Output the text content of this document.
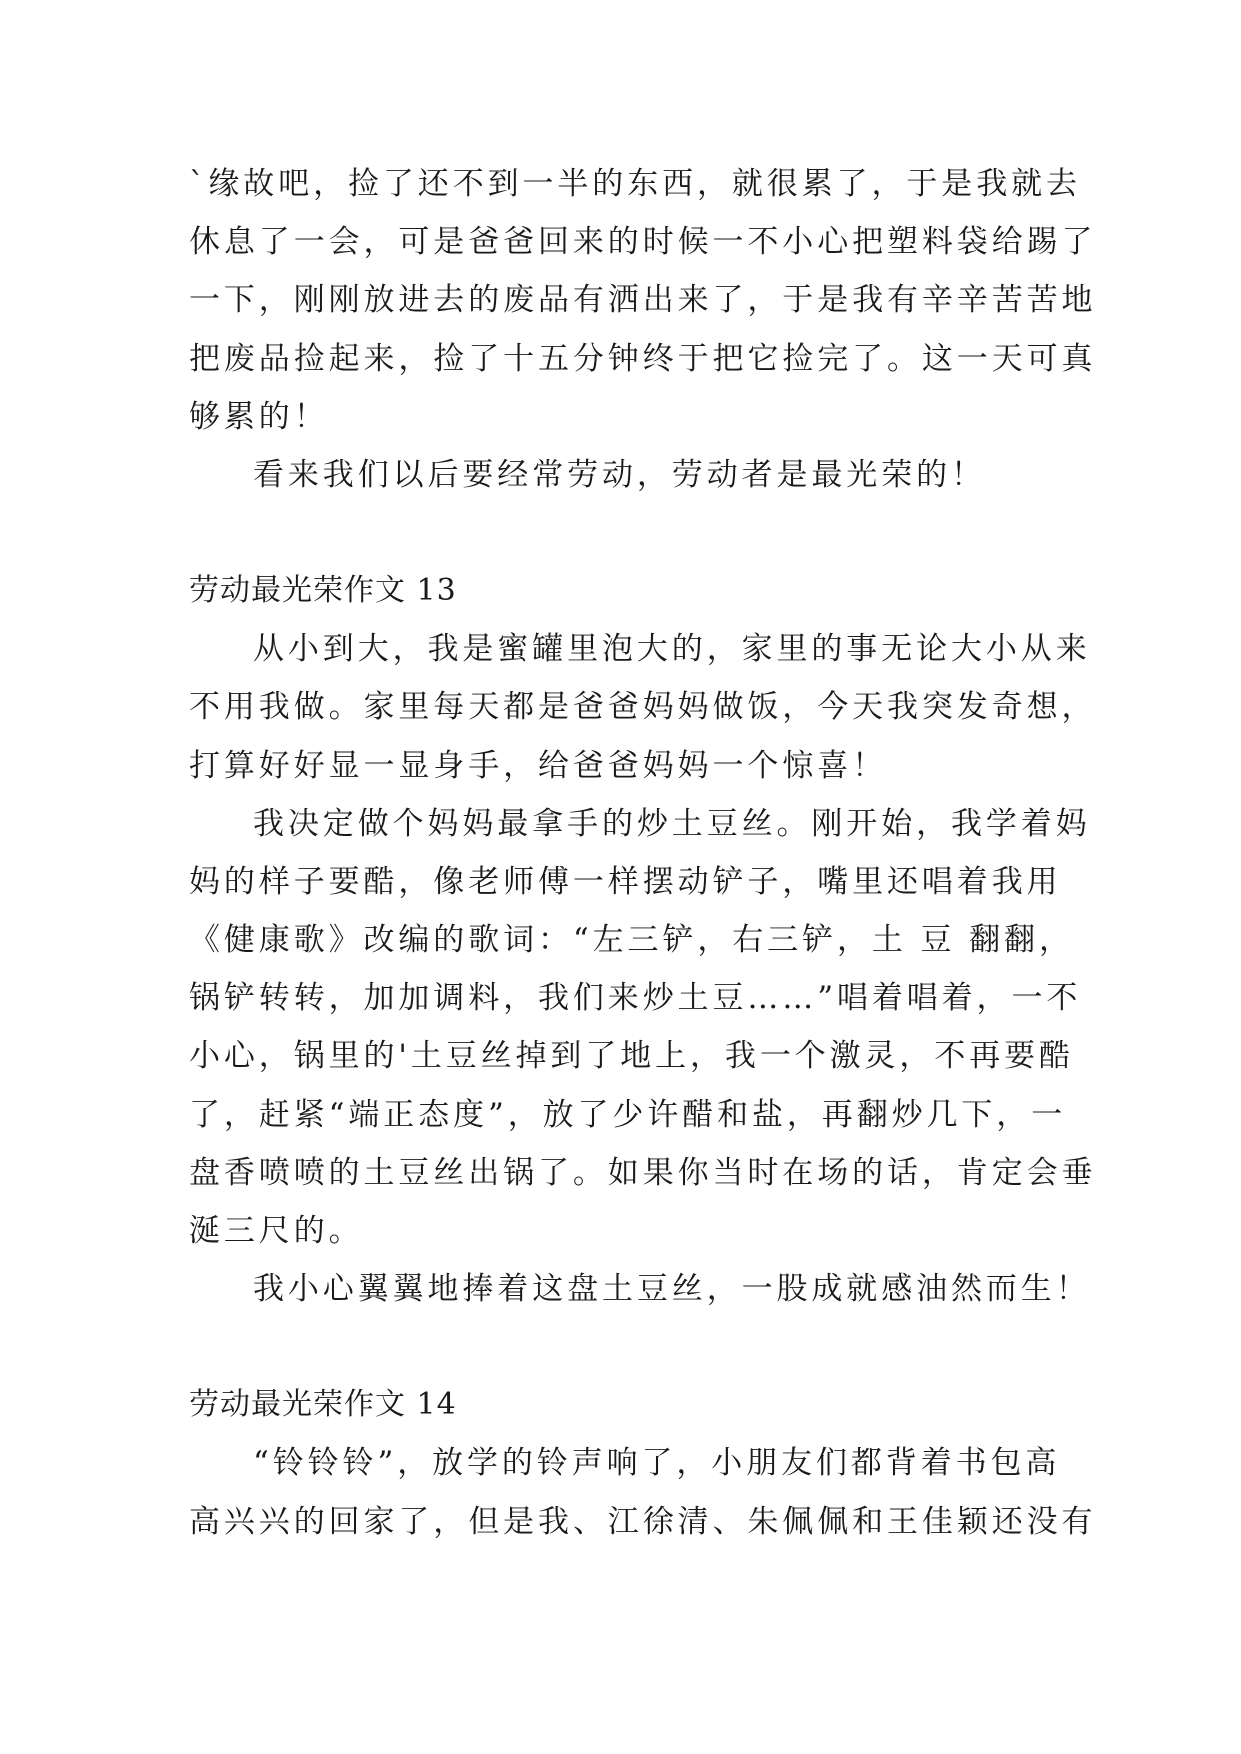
`缘故吧，捡了还不到一半的东西，就很累了，于是我就去
休息了一会，可是爸爸回来的时候一不小心把塑料袋给踢了
一下，刚刚放进去的废品有洒出来了，于是我有辛辛苦苦地
把废品捡起来，捡了十五分钟终于把它捡完了。这一天可真
够累的！
看来我们以后要经常劳动，劳动者是最光荣的！
劳动最光荣作文 13
从小到大，我是蜜罐里泡大的，家里的事无论大小从来
不用我做。家里每天都是爸爸妈妈做饭，今天我突发奇想，
打算好好显一显身手，给爸爸妈妈一个惊喜！
我决定做个妈妈最拿手的炒土豆丝。刚开始，我学着妈
妈的样子要酷，像老师傅一样摆动铲子，嘴里还唱着我用
《健康歌》改编的歌词：“左三铲，右三铲，土 豆 翻翻，
锅铲转转，加加调料，我们来炒土豆……”唱着唱着，一不
小心，锅里的'土豆丝掉到了地上，我一个激灵，不再要酷
了，赶紧“端正态度”，放了少许醋和盐，再翻炒几下，一
盘香喷喷的土豆丝出锅了。如果你当时在场的话，肯定会垂
涎三尺的。
我小心翼翼地捧着这盘土豆丝，一股成就感油然而生！
劳动最光荣作文 14
“铃铃铃”，放学的铃声响了，小朋友们都背着书包高
高兴兴的回家了，但是我、江徐清、朱佩佩和王佳颖还没有
